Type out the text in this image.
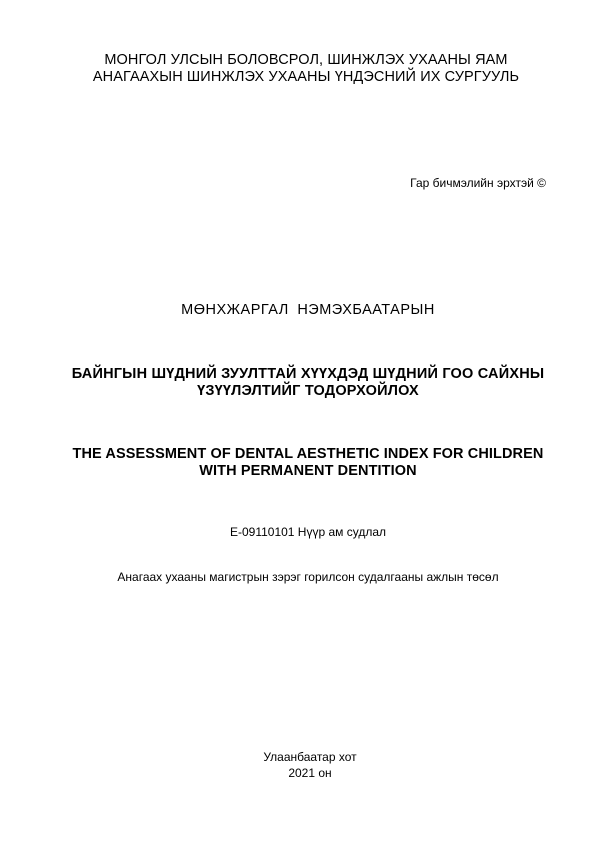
МОНГОЛ УЛСЫН БОЛОВСРОЛ, ШИНЖЛЭХ УХААНЫ ЯАМ
АНАГААХЫН ШИНЖЛЭХ УХААНЫ ҮНДЭСНИЙ ИХ СУРГУУЛЬ
Гар бичмэлийн эрхтэй ©
МӨНХЖАРГАЛ НЭМЭХБААТАРЫН
БАЙНГЫН ШҮДНИЙ ЗУУЛТТАЙ ХҮҮХДЭД ШҮДНИЙ ГОО САЙХНЫ
ҮЗҮҮЛЭЛТИЙГ ТОДОРХОЙЛОХ
THE ASSESSMENT OF DENTAL AESTHETIC INDEX FOR CHILDREN
WITH PERMANENT DENTITION
Е-09110101 Нүүр ам судлал
Анагаах ухааны магистрын зэрэг горилсон судалгааны ажлын төсөл
Улаанбаатар хот
2021 он
